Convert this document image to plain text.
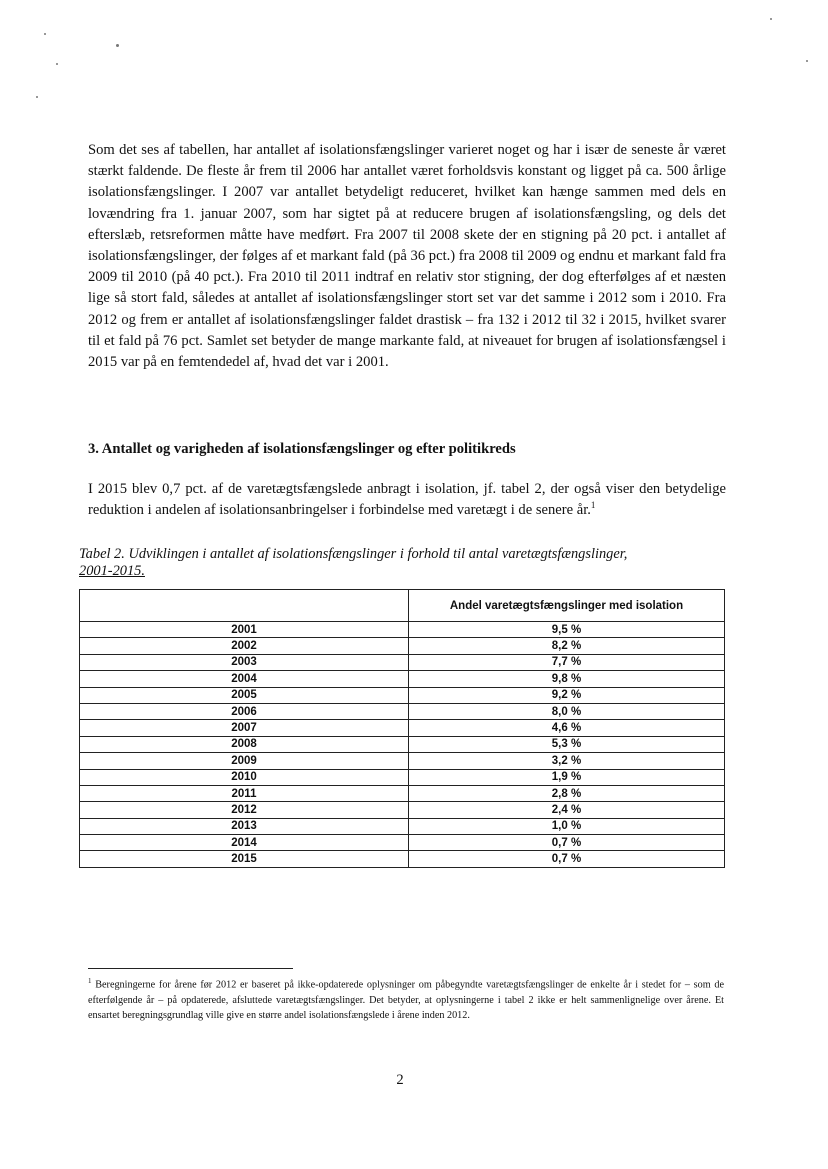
Som det ses af tabellen, har antallet af isolationsfængslinger varieret noget og har i især de seneste år været stærkt faldende. De fleste år frem til 2006 har antallet været forholdsvis konstant og ligget på ca. 500 årlige isolationsfængslinger. I 2007 var antallet betydeligt reduceret, hvilket kan hænge sammen med dels en lovændring fra 1. januar 2007, som har sigtet på at reducere brugen af isolationsfængsling, og dels det efterslæb, retsreformen måtte have medført. Fra 2007 til 2008 skete der en stigning på 20 pct. i antallet af isolationsfængslinger, der følges af et markant fald (på 36 pct.) fra 2008 til 2009 og endnu et markant fald fra 2009 til 2010 (på 40 pct.). Fra 2010 til 2011 indtraf en relativ stor stigning, der dog efterfølges af et næsten lige så stort fald, således at antallet af isolationsfængslinger stort set var det samme i 2012 som i 2010. Fra 2012 og frem er antallet af isolationsfængslinger faldet drastisk – fra 132 i 2012 til 32 i 2015, hvilket svarer til et fald på 76 pct. Samlet set betyder de mange markante fald, at niveauet for brugen af isolationsfængsel i 2015 var på en femtendedel af, hvad det var i 2001.

3. Antallet og varigheden af isolationsfængslinger og efter politikreds

I 2015 blev 0,7 pct. af de varetægtsfængslede anbragt i isolation, jf. tabel 2, der også viser den betydelige reduktion i andelen af isolationsanbringelser i forbindelse med varetægt i de senere år.$^1$

Tabel 2. Udviklingen i antallet af isolationsfængslinger i forhold til antal varetægtsfængslinger,
2001-2015.

	Andel varetægtsfængslinger med isolation
2001	9,5 %
2002	8,2 %
2003	7,7 %
2004	9,8 %
2005	9,2 %
2006	8,0 %
2007	4,6 %
2008	5,3 %
2009	3,2 %
2010	1,9 %
2011	2,8 %
2012	2,4 %
2013	1,0 %
2014	0,7 %
2015	0,7 %

$^1$ Beregningerne for årene før 2012 er baseret på ikke-opdaterede oplysninger om påbegyndte varetægtsfængslinger de enkelte år i stedet for – som de efterfølgende år – på opdaterede, afsluttede varetægtsfængslinger. Det betyder, at oplysningerne i tabel 2 ikke er helt sammenlignelige over årene. Et ensartet beregningsgrundlag ville give en større andel isolationsfængslede i årene inden 2012.

2
